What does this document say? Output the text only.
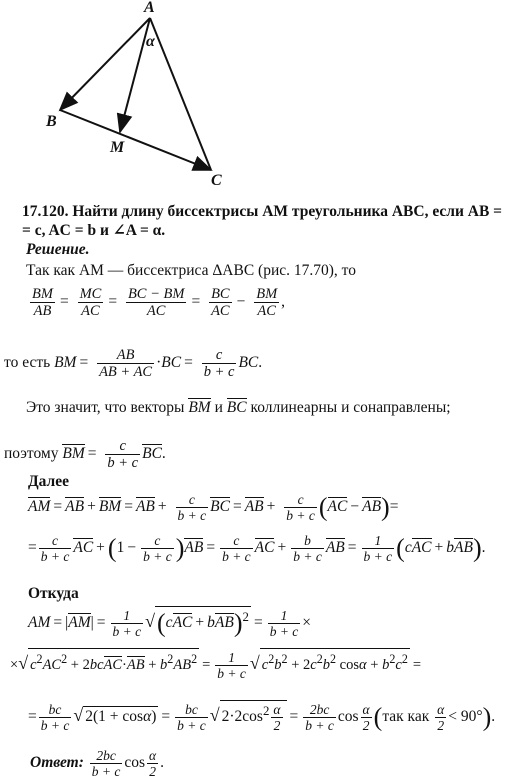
A
B
M
C
α
17.120. Найти длину биссектрисы AM треугольника ABC, если AB =
= c, AC = b и ∠A = α.
Решение.
Так как AM — биссектриса ΔABC (рис. 17.70), то
$\frac{BM}{AB} = \frac{MC}{AC} = \frac{BC - BM}{AC} = \frac{BC}{AC} - \frac{BM}{AC}$ ,
то есть BM = $\frac{AB}{AB + AC} \cdot BC = \frac{c}{b + c}$ BC.
Это значит, что векторы BM и BC коллинеарны и сонаправлены;
поэтому BM = $\frac{c}{b + c}$ BC.
Далее
AM = AB + BM = AB + $\frac{c}{b + c}$ BC = AB + $\frac{c}{b + c} (AC - AB)=$
= $\frac{c}{b + c}$ AC + $(1 - \frac{c}{b + c} )AB = \frac{c}{b + c}$ AC + $\frac{b}{b + c}$ AB = $\frac{1}{b + c} (cAC + bAB)$.
Откуда
AM = $|AM| = \frac{1}{b + c} √(cAC + bAB)^2 = \frac{1}{b + c}$ ×
×√ $c^2AC^2$ + 2bcAC·AB + $b^2AB^2 = \frac{1}{b + c}$ √ $c^2b^2 + 2c^2b^2$ $\cos\alpha + b^2c^2$ =
= $\frac{bc}{b + c}$ √ $2(1 + \cos\alpha) = \frac{bc}{b + c}$ √ $2\cdot 2\cos^2 \frac{\alpha}{2} = \frac{2bc}{b + c}$ $\cos \frac{\alpha}{2} (так$ как $\frac{\alpha}{2} < 90^\circ$).
Ответ: $\frac{2bc}{b + c}$ $\cos \frac{\alpha}{2}$ .
